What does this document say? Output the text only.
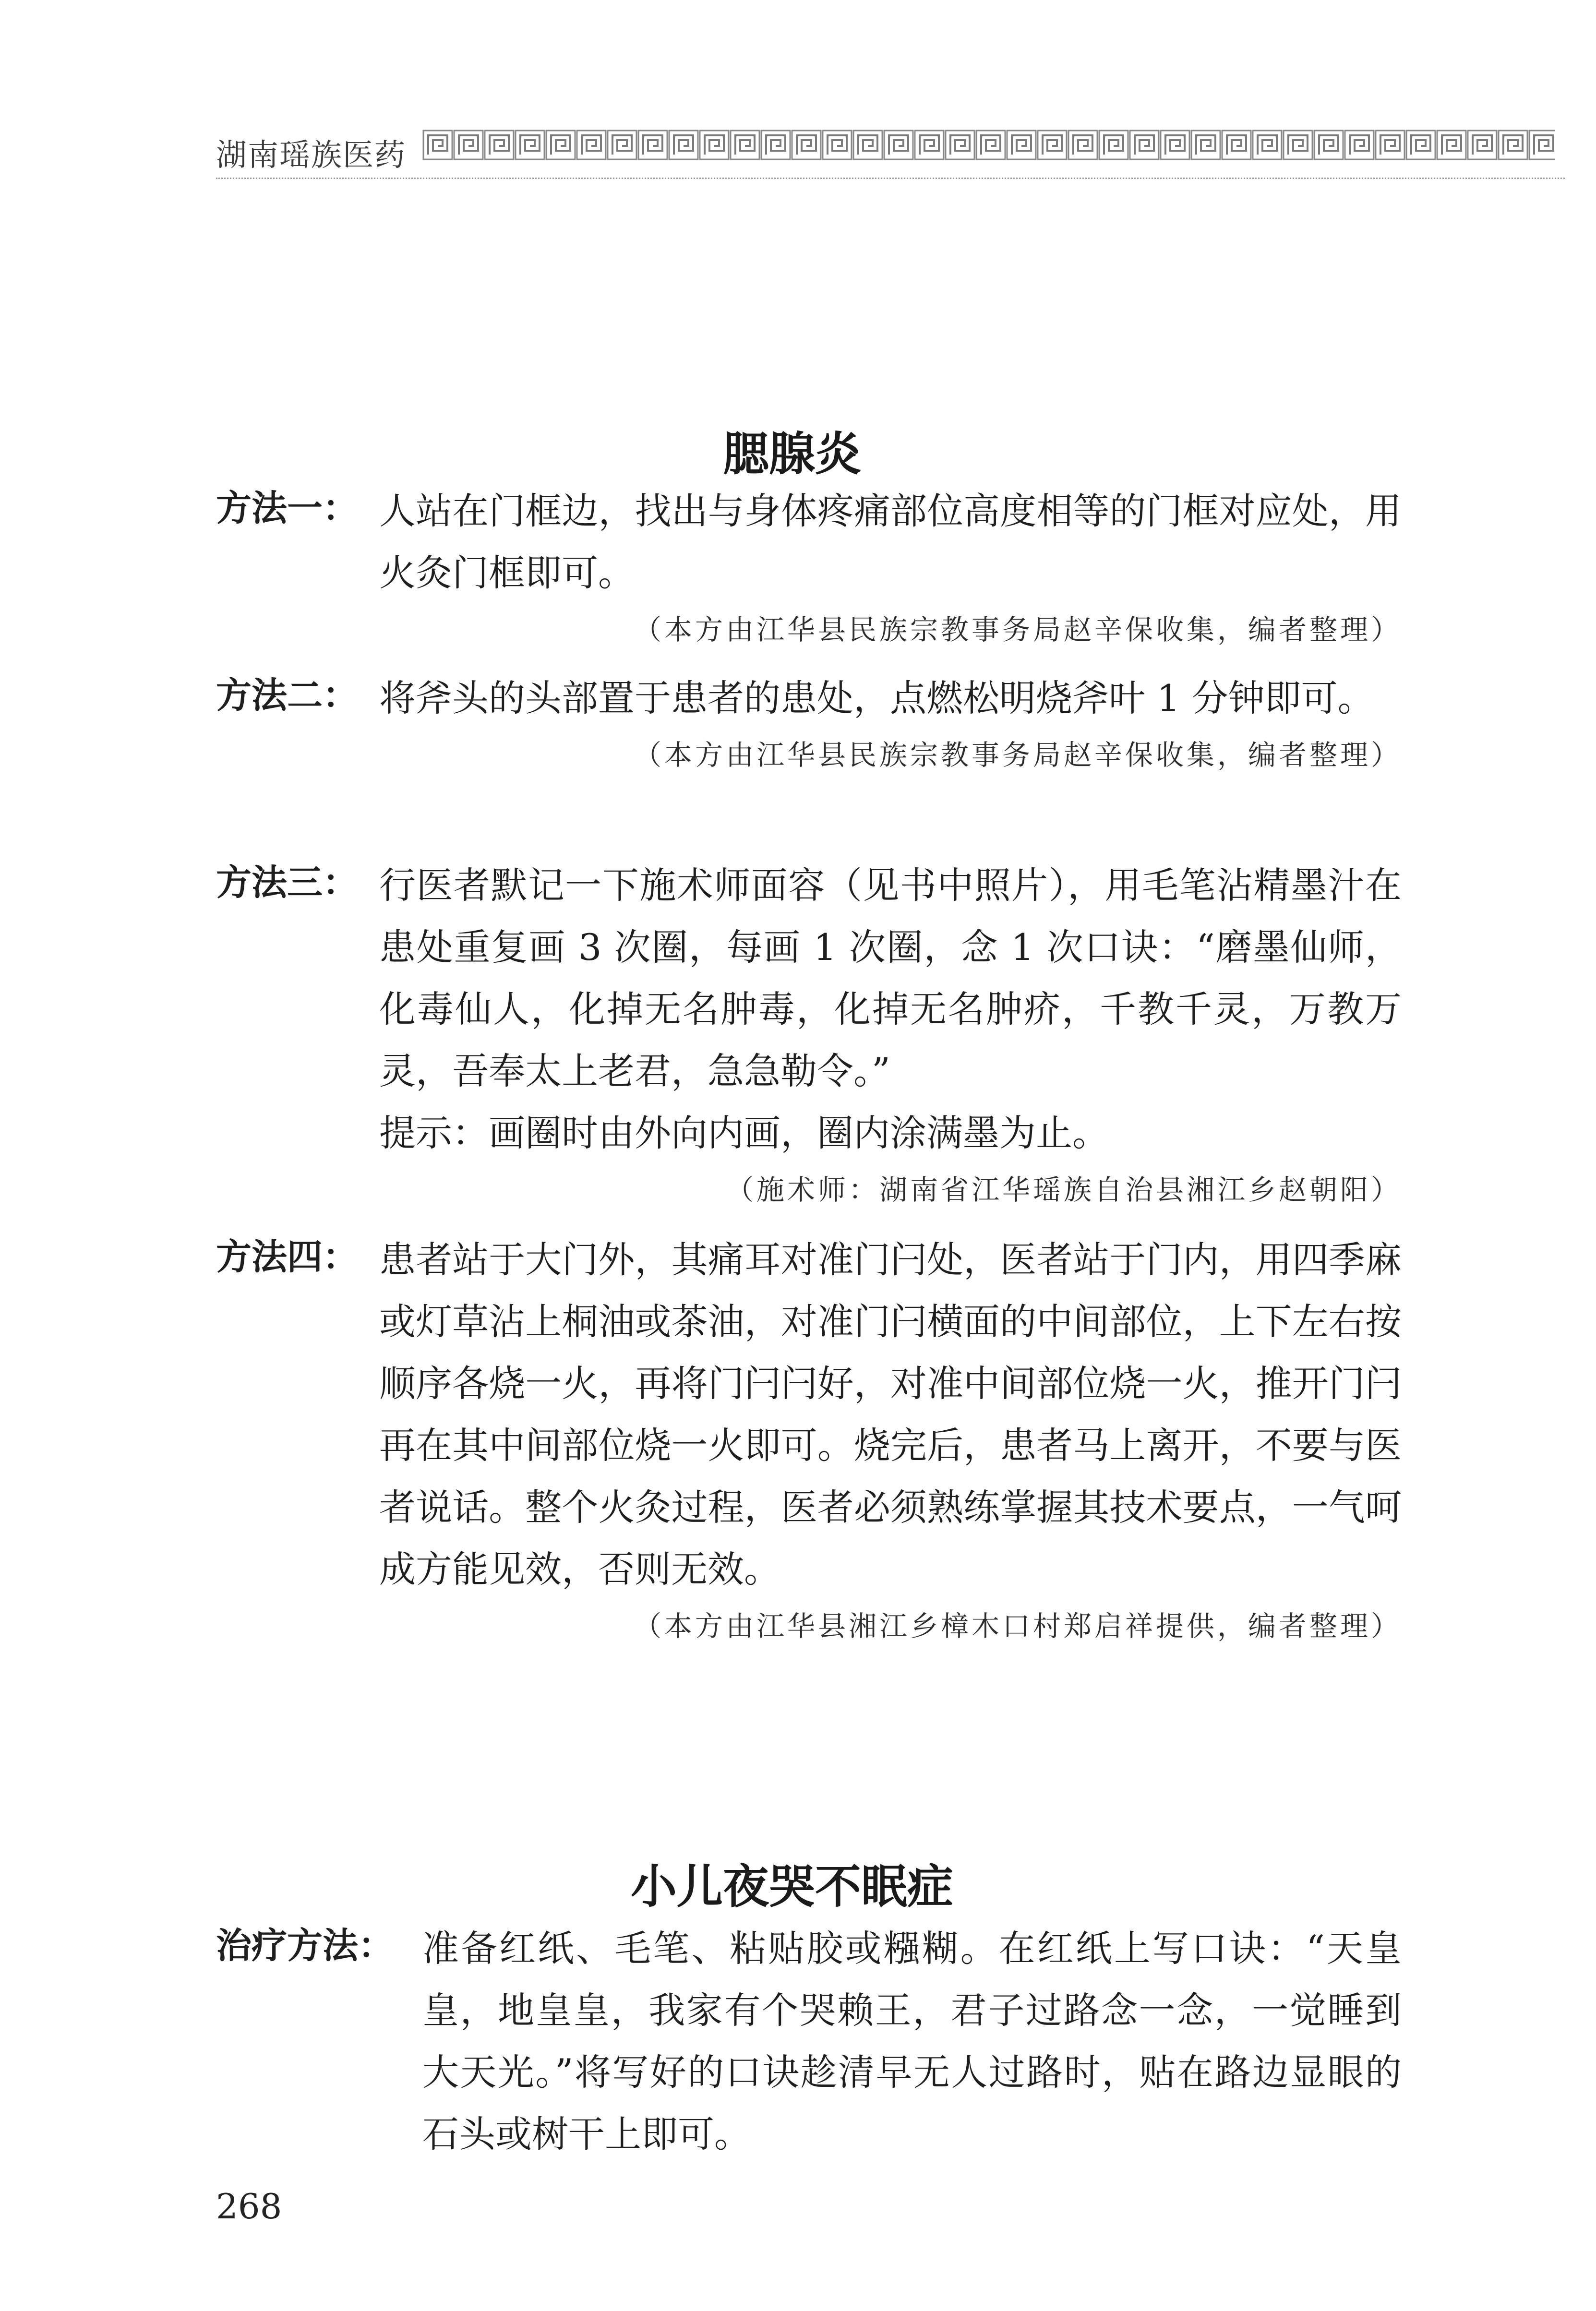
湖南瑶族医药
腮腺炎
方法一： 人站在门框边，找出与身体疼痛部位高度相等的门框对应处，用火灸门框即可。
（本方由江华县民族宗教事务局赵辛保收集，编者整理）
方法二： 将斧头的头部置于患者的患处，点燃松明烧斧叶 1 分钟即可。
（本方由江华县民族宗教事务局赵辛保收集，编者整理）
方法三： 行医者默记一下施术师面容（见书中照片），用毛笔沾精墨汁在患处重复画 3 次圈，每画 1 次圈，念 1 次口诀：“磨墨仙师，化毒仙人，化掉无名肿毒，化掉无名肿疥，千教千灵，万教万灵，吾奉太上老君，急急勒令。”
提示：画圈时由外向内画，圈内涂满墨为止。
（施术师：湖南省江华瑶族自治县湘江乡赵朝阳）
方法四： 患者站于大门外，其痛耳对准门闩处，医者站于门内，用四季麻或灯草沾上桐油或茶油，对准门闩横面的中间部位，上下左右按顺序各烧一火，再将门闩闩好，对准中间部位烧一火，推开门闩再在其中间部位烧一火即可。烧完后，患者马上离开，不要与医者说话。整个火灸过程，医者必须熟练掌握其技术要点，一气呵成方能见效，否则无效。
（本方由江华县湘江乡樟木口村郑启祥提供，编者整理）
小儿夜哭不眠症
治疗方法： 准备红纸、毛笔、粘贴胶或糨糊。在红纸上写口诀：“天皇皇，地皇皇，我家有个哭赖王，君子过路念一念，一觉睡到大天光。”将写好的口诀趁清早无人过路时，贴在路边显眼的石头或树干上即可。
268
